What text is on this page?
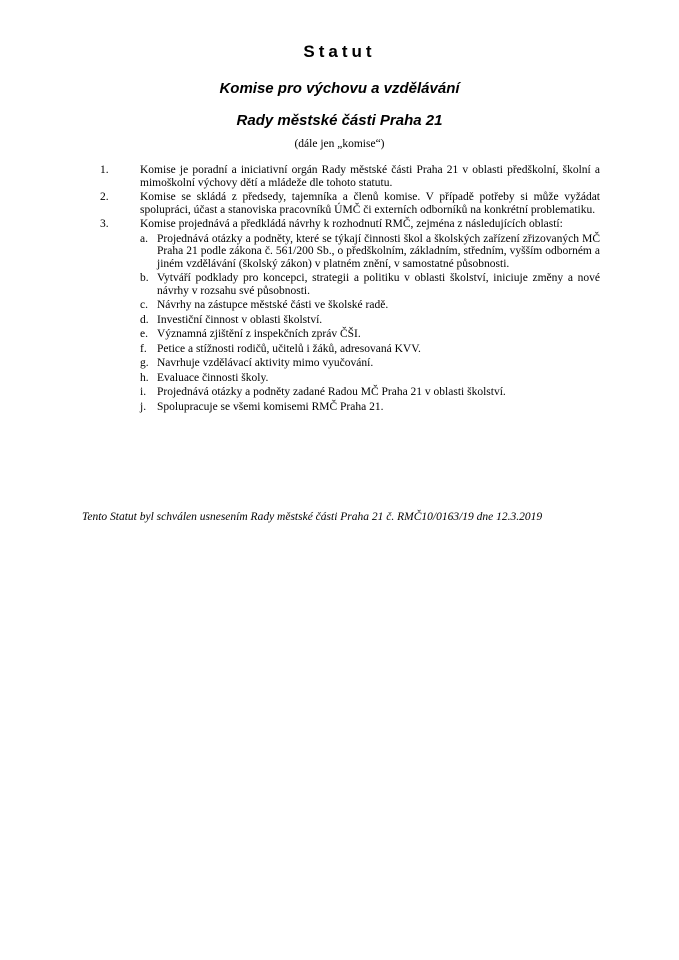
Statut
Komise pro výchovu a vzdělávání
Rady městské části Praha 21
(dále jen „komise“)
1.	Komise je poradní a iniciativní orgán Rady městské části Praha 21 v oblasti předškolní, školní a mimoškolní výchovy dětí a mládeže dle tohoto statutu.
2.	Komise se skládá z předsedy, tajemníka a členů komise. V případě potřeby si může vyžádat spolupráci, účast a stanoviska pracovníků ÚMČ či externích odborníků na konkrétní problematiku.
3.	Komise projednává a předkládá návrhy k rozhodnutí RMČ, zejména z následujících oblastí:
a. Projednává otázky a podněty, které se týkají činnosti škol a školských zařízení zřizovaných MČ Praha 21 podle zákona č. 561/200 Sb., o předškolním, základním, středním, vyšším odborném a jiném vzdělávání (školský zákon) v platném znění, v samostatné působnosti.
b. Vytváří podklady pro koncepci, strategii a politiku v oblasti školství, iniciuje změny a nové návrhy v rozsahu své působnosti.
c. Návrhy na zástupce městské části ve školské radě.
d. Investiční činnost v oblasti školství.
e. Významná zjištění z inspekčních zpráv ČŠI.
f. Petice a stížnosti rodičů, učitelů i žáků, adresovaná KVV.
g. Navrhuje vzdělávací aktivity mimo vyučování.
h. Evaluace činnosti školy.
i. Projednává otázky a podněty zadané Radou MČ Praha 21 v oblasti školství.
j. Spolupracuje se všemi komisemi RMČ Praha 21.
Tento Statut byl schválen usnesením Rady městské části Praha 21 č. RMČ10/0163/19 dne 12.3.2019
